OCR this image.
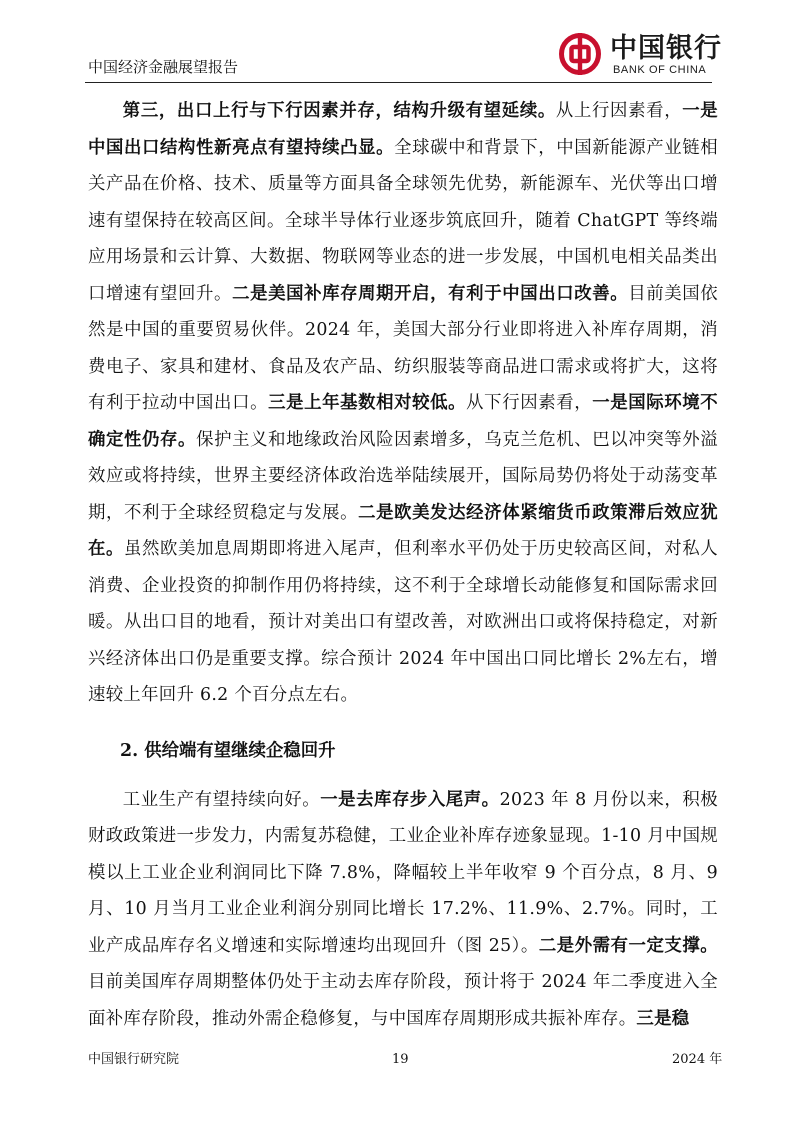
中国经济金融展望报告
中国银行
BANK OF CHINA

第三，出口上行与下行因素并存，结构升级有望延续。从上行因素看，一是中国出口结构性新亮点有望持续凸显。全球碳中和背景下，中国新能源产业链相关产品在价格、技术、质量等方面具备全球领先优势，新能源车、光伏等出口增速有望保持在较高区间。全球半导体行业逐步筑底回升，随着 ChatGPT 等终端应用场景和云计算、大数据、物联网等业态的进一步发展，中国机电相关品类出口增速有望回升。二是美国补库存周期开启，有利于中国出口改善。目前美国依然是中国的重要贸易伙伴。2024 年，美国大部分行业即将进入补库存周期，消费电子、家具和建材、食品及农产品、纺织服装等商品进口需求或将扩大，这将有利于拉动中国出口。三是上年基数相对较低。从下行因素看，一是国际环境不确定性仍存。保护主义和地缘政治风险因素增多，乌克兰危机、巴以冲突等外溢效应或将持续，世界主要经济体政治选举陆续展开，国际局势仍将处于动荡变革期，不利于全球经贸稳定与发展。二是欧美发达经济体紧缩货币政策滞后效应犹在。虽然欧美加息周期即将进入尾声，但利率水平仍处于历史较高区间，对私人消费、企业投资的抑制作用仍将持续，这不利于全球增长动能修复和国际需求回暖。从出口目的地看，预计对美出口有望改善，对欧洲出口或将保持稳定，对新兴经济体出口仍是重要支撑。综合预计 2024 年中国出口同比增长 2%左右，增速较上年回升 6.2 个百分点左右。

2. 供给端有望继续企稳回升

工业生产有望持续向好。一是去库存步入尾声。2023 年 8 月份以来，积极财政政策进一步发力，内需复苏稳健，工业企业补库存迹象显现。1-10 月中国规模以上工业企业利润同比下降 7.8%，降幅较上半年收窄 9 个百分点，8 月、9 月、10 月当月工业企业利润分别同比增长 17.2%、11.9%、2.7%。同时，工业产成品库存名义增速和实际增速均出现回升（图 25）。二是外需有一定支撑。目前美国库存周期整体仍处于主动去库存阶段，预计将于 2024 年二季度进入全面补库存阶段，推动外需企稳修复，与中国库存周期形成共振补库存。三是稳

中国银行研究院	19	2024 年
